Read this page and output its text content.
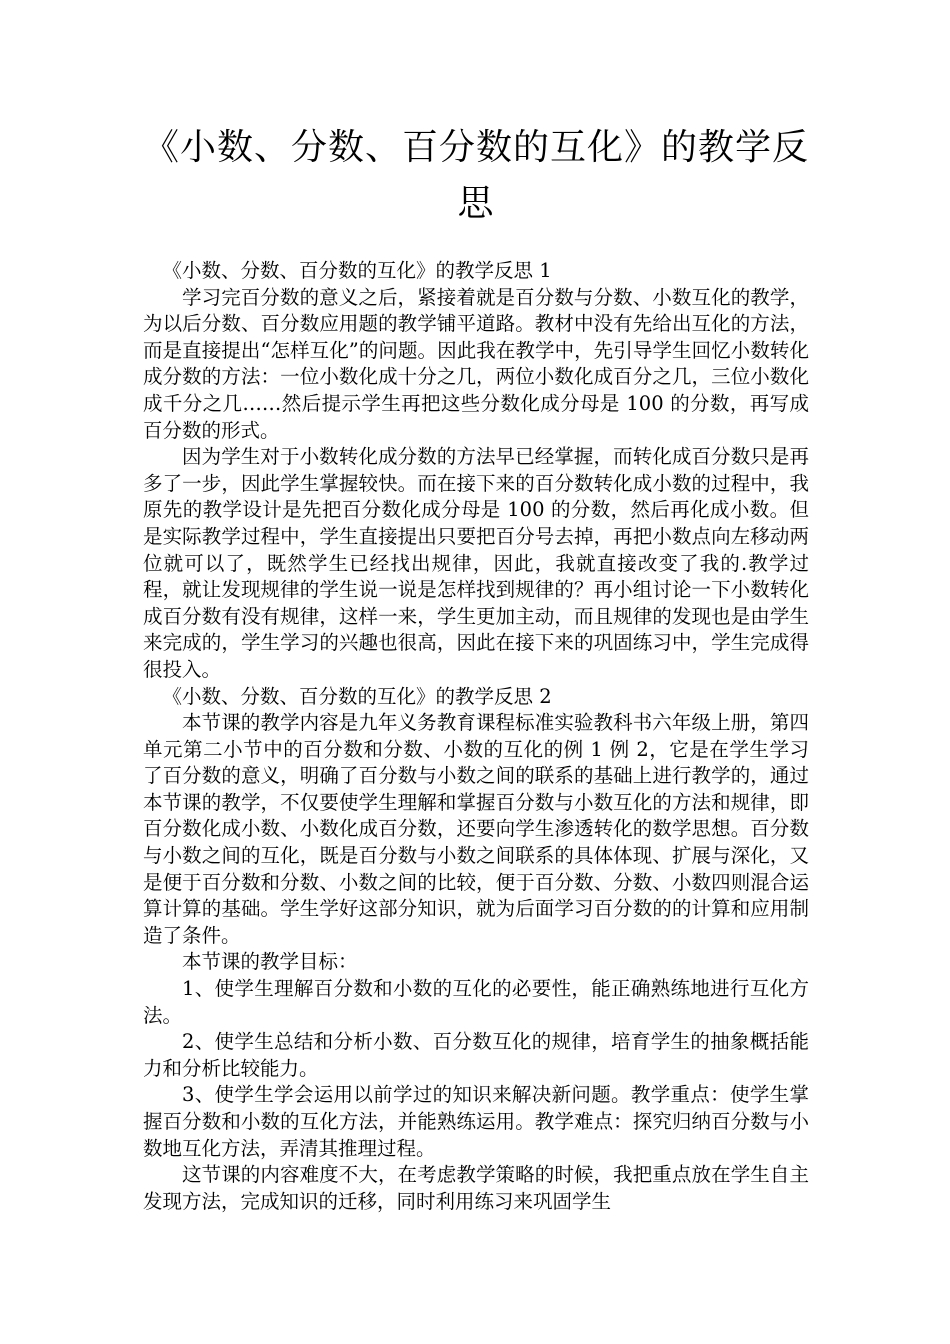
《小数、分数、百分数的互化》的教学反
思

《小数、分数、百分数的互化》的教学反思 1

学习完百分数的意义之后，紧接着就是百分数与分数、小数互化的教学，为以后分数、百分数应用题的教学铺平道路。教材中没有先给出互化的方法，而是直接提出“怎样互化”的问题。因此我在教学中，先引导学生回忆小数转化成分数的方法：一位小数化成十分之几，两位小数化成百分之几，三位小数化成千分之几……然后提示学生再把这些分数化成分母是 100 的分数，再写成百分数的形式。

因为学生对于小数转化成分数的方法早已经掌握，而转化成百分数只是再多了一步，因此学生掌握较快。而在接下来的百分数转化成小数的过程中，我原先的教学设计是先把百分数化成分母是 100 的分数，然后再化成小数。但是实际教学过程中，学生直接提出只要把百分号去掉，再把小数点向左移动两位就可以了，既然学生已经找出规律，因此，我就直接改变了我的.教学过程，就让发现规律的学生说一说是怎样找到规律的？再小组讨论一下小数转化成百分数有没有规律，这样一来，学生更加主动，而且规律的发现也是由学生来完成的，学生学习的兴趣也很高，因此在接下来的巩固练习中，学生完成得很投入。

《小数、分数、百分数的互化》的教学反思 2

本节课的教学内容是九年义务教育课程标准实验教科书六年级上册，第四单元第二小节中的百分数和分数、小数的互化的例 1 例 2，它是在学生学习了百分数的意义，明确了百分数与小数之间的联系的基础上进行教学的，通过本节课的教学，不仅要使学生理解和掌握百分数与小数互化的方法和规律，即百分数化成小数、小数化成百分数，还要向学生渗透转化的数学思想。百分数与小数之间的互化，既是百分数与小数之间联系的具体体现、扩展与深化，又是便于百分数和分数、小数之间的比较，便于百分数、分数、小数四则混合运算计算的基础。学生学好这部分知识，就为后面学习百分数的的计算和应用制造了条件。

本节课的教学目标：

1、使学生理解百分数和小数的互化的必要性，能正确熟练地进行互化方法。

2、使学生总结和分析小数、百分数互化的规律，培育学生的抽象概括能力和分析比较能力。

3、使学生学会运用以前学过的知识来解决新问题。教学重点：使学生掌握百分数和小数的互化方法，并能熟练运用。教学难点：探究归纳百分数与小数地互化方法，弄清其推理过程。

这节课的内容难度不大，在考虑教学策略的时候，我把重点放在学生自主发现方法，完成知识的迁移，同时利用练习来巩固学生
